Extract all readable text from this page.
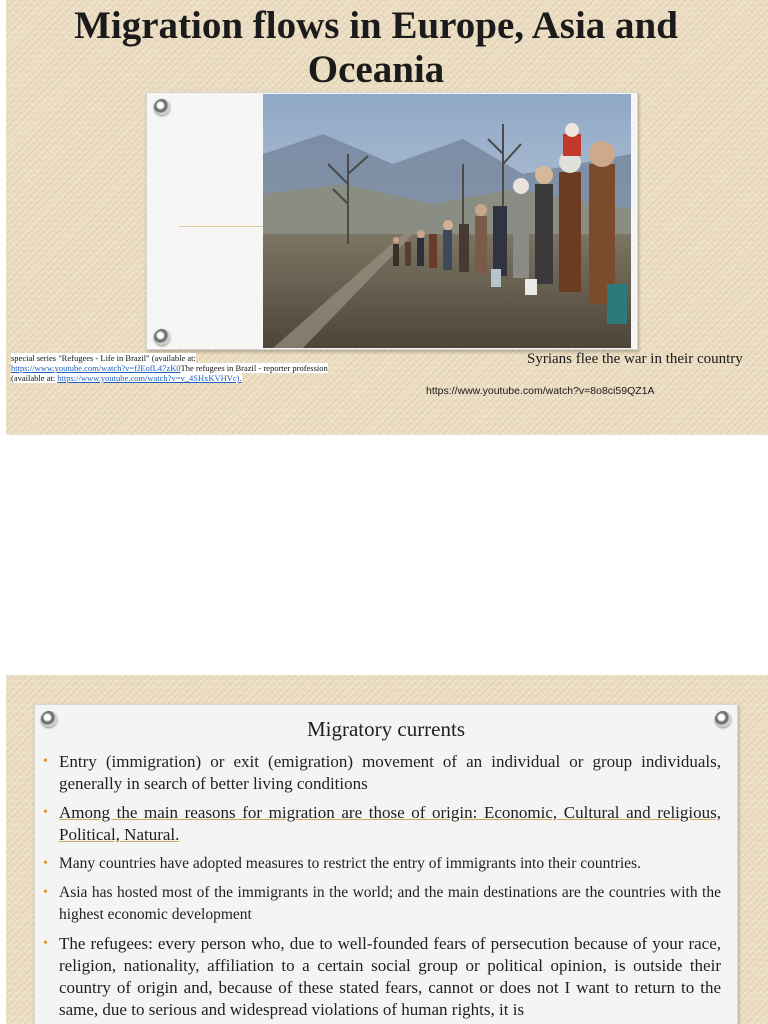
Migration flows in Europe, Asia and
Oceania
special series "Refugees - Life in Brazil" (available at:
https://www.youtube.com/watch?v=fJEofL47zK0The refugees in Brazil - reporter profession
(available at: https://www.youtube.com/watch?v=v_4SHxKVHVc).
Syrians flee the war in their country
https://www.youtube.com/watch?v=8o8ci59QZ1A
Migratory currents
• Entry (immigration) or exit (emigration) movement of an individual or group individuals, generally in search of better living conditions
• Among the main reasons for migration are those of origin: Economic, Cultural and religious, Political, Natural.
• Many countries have adopted measures to restrict the entry of immigrants into their countries.
• Asia has hosted most of the immigrants in the world; and the main destinations are the countries with the highest economic development
• The refugees: every person who, due to well-founded fears of persecution because of your race, religion, nationality, affiliation to a certain social group or political opinion, is outside their country of origin and, because of these stated fears, cannot or does not I want to return to the same, due to serious and widespread violations of human rights, it is
